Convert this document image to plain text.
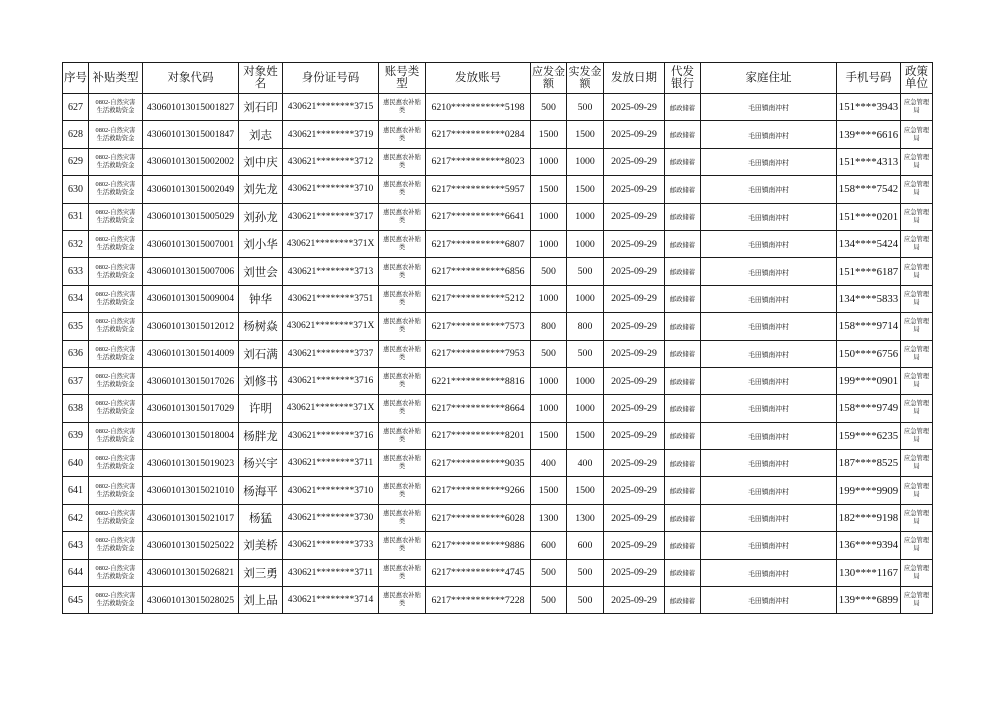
序号	补贴类型	对象代码	对象姓名	身份证号码	账号类型	发放账号	应发金额	实发金额	发放日期	代发银行	家庭住址	手机号码	政策单位
627	0802-自然灾害生活救助资金	430601013015001827	刘石印	430621********3715	惠民惠农补贴类	6210***********5198	500	500	2025-09-29	邮政储蓄	毛田镇南冲村	151****3943	应急管理局
628	0802-自然灾害生活救助资金	430601013015001847	刘志	430621********3719	惠民惠农补贴类	6217***********0284	1500	1500	2025-09-29	邮政储蓄	毛田镇南冲村	139****6616	应急管理局
629	0802-自然灾害生活救助资金	430601013015002002	刘中庆	430621********3712	惠民惠农补贴类	6217***********8023	1000	1000	2025-09-29	邮政储蓄	毛田镇南冲村	151****4313	应急管理局
630	0802-自然灾害生活救助资金	430601013015002049	刘先龙	430621********3710	惠民惠农补贴类	6217***********5957	1500	1500	2025-09-29	邮政储蓄	毛田镇南冲村	158****7542	应急管理局
631	0802-自然灾害生活救助资金	430601013015005029	刘孙龙	430621********3717	惠民惠农补贴类	6217***********6641	1000	1000	2025-09-29	邮政储蓄	毛田镇南冲村	151****0201	应急管理局
632	0802-自然灾害生活救助资金	430601013015007001	刘小华	430621********371X	惠民惠农补贴类	6217***********6807	1000	1000	2025-09-29	邮政储蓄	毛田镇南冲村	134****5424	应急管理局
633	0802-自然灾害生活救助资金	430601013015007006	刘世会	430621********3713	惠民惠农补贴类	6217***********6856	500	500	2025-09-29	邮政储蓄	毛田镇南冲村	151****6187	应急管理局
634	0802-自然灾害生活救助资金	430601013015009004	钟华	430621********3751	惠民惠农补贴类	6217***********5212	1000	1000	2025-09-29	邮政储蓄	毛田镇南冲村	134****5833	应急管理局
635	0802-自然灾害生活救助资金	430601013015012012	杨树焱	430621********371X	惠民惠农补贴类	6217***********7573	800	800	2025-09-29	邮政储蓄	毛田镇南冲村	158****9714	应急管理局
636	0802-自然灾害生活救助资金	430601013015014009	刘石满	430621********3737	惠民惠农补贴类	6217***********7953	500	500	2025-09-29	邮政储蓄	毛田镇南冲村	150****6756	应急管理局
637	0802-自然灾害生活救助资金	430601013015017026	刘修书	430621********3716	惠民惠农补贴类	6221***********8816	1000	1000	2025-09-29	邮政储蓄	毛田镇南冲村	199****0901	应急管理局
638	0802-自然灾害生活救助资金	430601013015017029	许明	430621********371X	惠民惠农补贴类	6217***********8664	1000	1000	2025-09-29	邮政储蓄	毛田镇南冲村	158****9749	应急管理局
639	0802-自然灾害生活救助资金	430601013015018004	杨胖龙	430621********3716	惠民惠农补贴类	6217***********8201	1500	1500	2025-09-29	邮政储蓄	毛田镇南冲村	159****6235	应急管理局
640	0802-自然灾害生活救助资金	430601013015019023	杨兴宇	430621********3711	惠民惠农补贴类	6217***********9035	400	400	2025-09-29	邮政储蓄	毛田镇南冲村	187****8525	应急管理局
641	0802-自然灾害生活救助资金	430601013015021010	杨海平	430621********3710	惠民惠农补贴类	6217***********9266	1500	1500	2025-09-29	邮政储蓄	毛田镇南冲村	199****9909	应急管理局
642	0802-自然灾害生活救助资金	430601013015021017	杨猛	430621********3730	惠民惠农补贴类	6217***********6028	1300	1300	2025-09-29	邮政储蓄	毛田镇南冲村	182****9198	应急管理局
643	0802-自然灾害生活救助资金	430601013015025022	刘美桥	430621********3733	惠民惠农补贴类	6217***********9886	600	600	2025-09-29	邮政储蓄	毛田镇南冲村	136****9394	应急管理局
644	0802-自然灾害生活救助资金	430601013015026821	刘三勇	430621********3711	惠民惠农补贴类	6217***********4745	500	500	2025-09-29	邮政储蓄	毛田镇南冲村	130****1167	应急管理局
645	0802-自然灾害生活救助资金	430601013015028025	刘上品	430621********3714	惠民惠农补贴类	6217***********7228	500	500	2025-09-29	邮政储蓄	毛田镇南冲村	139****6899	应急管理局
